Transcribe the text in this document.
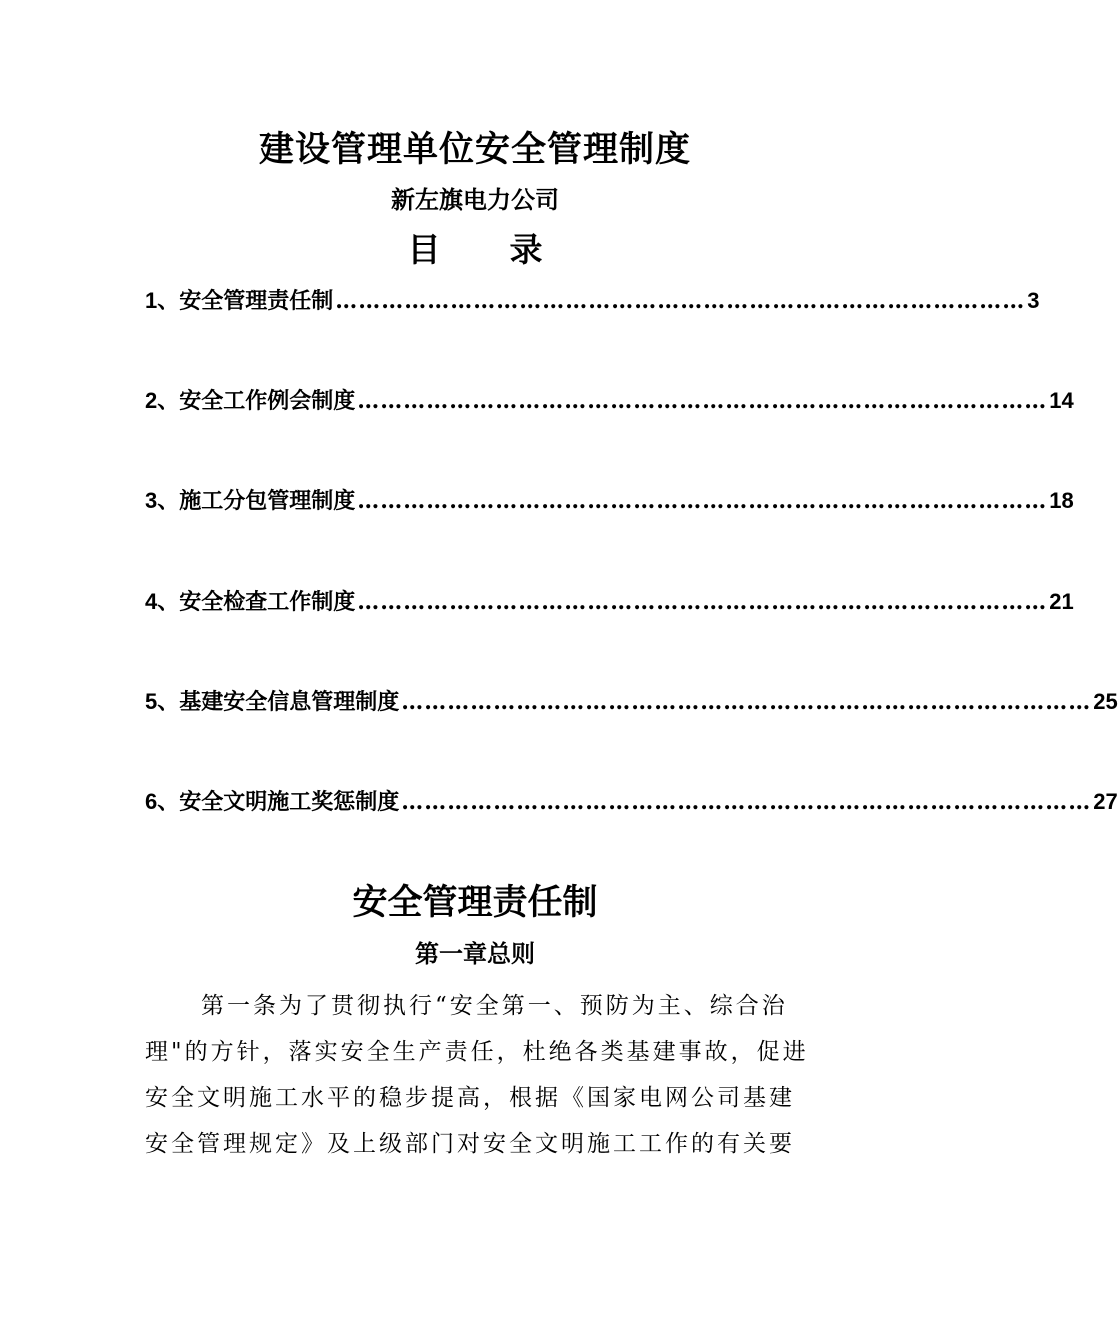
建设管理单位安全管理制度
新左旗电力公司
目      录
1、 安全管理责任制 ……………………………………………………………………………… 3
2、 安全工作例会制度 ……………………………………………………………………………… 14
3、 施工分包管理制度 ……………………………………………………………………………… 18
4、 安全检查工作制度 ……………………………………………………………………………… 21
5、 基建安全信息管理制度 ……………………………………………………………………………… 25
6、 安全文明施工奖惩制度 ……………………………………………………………………………… 27
安全管理责任制
第一章总则
第一条为了贯彻执行“安全第一、预防为主、综合治
理"的方针，落实安全生产责任，杜绝各类基建事故，促进
安全文明施工水平的稳步提高，根据《国家电网公司基建
安全管理规定》及上级部门对安全文明施工工作的有关要
